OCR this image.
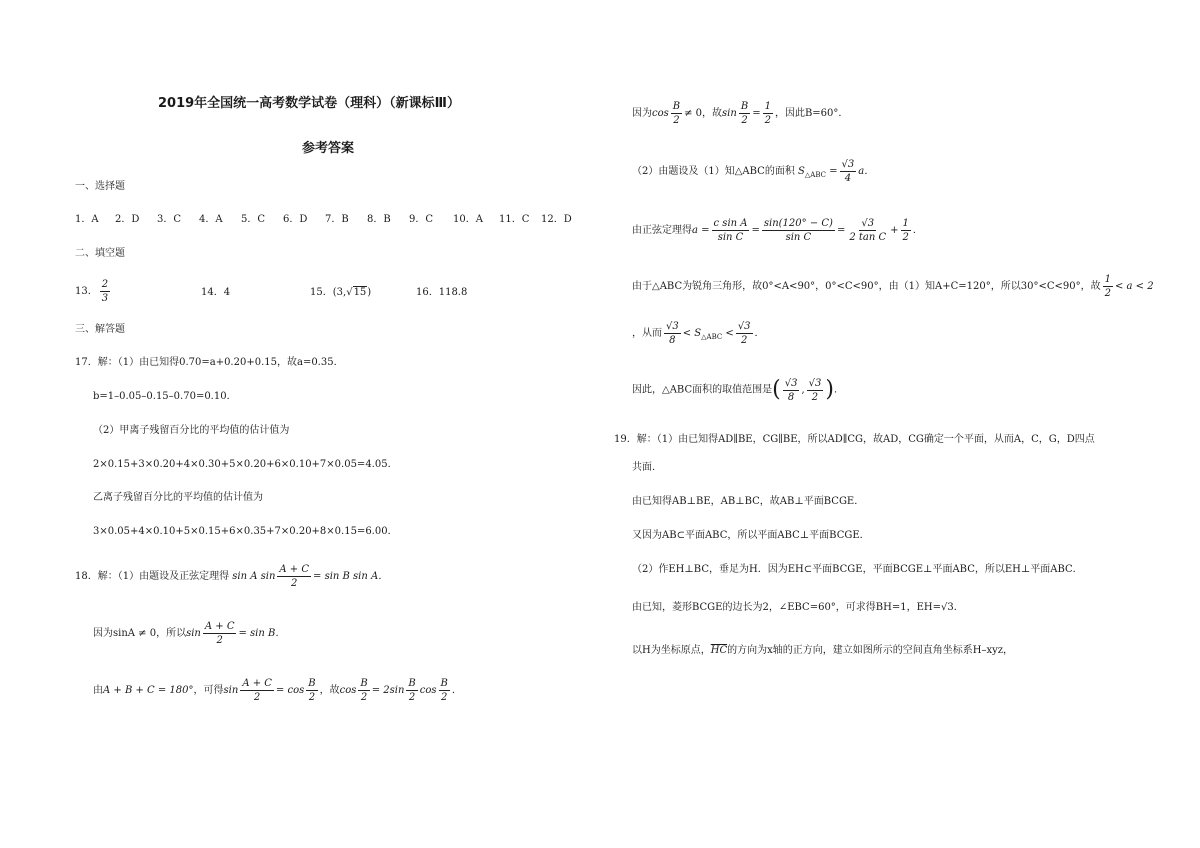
2019年全国统一高考数学试卷（理科）（新课标Ⅲ）
参考答案
一、选择题
1．A 2．D 3．C 4．A 5．C 6．D 7．B 8．B 9．C 10．A 11．C 12．D
二、填空题
13． $\frac{2}{3}$	14．4	15．(3,√15)	16．118.8
三、解答题
17．解：（1）由已知得0.70=a+0.20+0.15，故a=0.35．
b=1–0.05–0.15–0.70=0.10．
（2）甲离子残留百分比的平均值的估计值为
2×0.15+3×0.20+4×0.30+5×0.20+6×0.10+7×0.05=4.05．
乙离子残留百分比的平均值的估计值为
3×0.05+4×0.10+5×0.15+6×0.35+7×0.20+8×0.15=6.00．
18．解：（1）由题设及正弦定理得 sin A $\sin \frac{A + C}{2} = \sin B$ sin A．
因为sinA ≠ 0，所以$\sin \frac{A + C}{2} = \sin B$．
由A + B + C = 180°，可得$\sin \frac{A + C}{2} = \cos \frac{B}{2}$ ，故$\cos \frac{B}{2} = 2\sin \frac{B}{2}$ $\cos \frac{B}{2}$ ．
因为$\cos \frac{B}{2} \ne 0$，故$\sin \frac{B}{2} = \frac{1}{2}$ ，因此B=60°．
（2）由题设及（1）知△ABC的面积 $S_{\triangle ABC} = \frac{√3}{4}$ a．
由正弦定理得$a = \frac{\text{c sin A}}{\text{sin C}} = \frac{\sin(120^\circ - C)}{\text{sin C}} = \frac{√3}{\text{2 tan C}} + \frac{1}{2}$ ．
由于△ABC为锐角三角形，故0°<A<90°，0°<C<90°，由（1）知A+C=120°，所以30°<C<90°，故 $\frac{1}{2} < a < 2$
，从而 $\frac{√3}{8} < S_{\triangle ABC} < \frac{√3}{2}$ ．
因此，△ABC面积的取值范围是( $\frac{√3}{8}$ , $\frac{√3}{2}$ )．
19．解：（1）由已知得AD∥BE，CG∥BE，所以AD∥CG，故AD，CG确定一个平面，从而A，C，G，D四点
共面．
由已知得AB⊥BE，AB⊥BC，故AB⊥平面BCGE．
又因为AB⊂平面ABC，所以平面ABC⊥平面BCGE．
（2）作EH⊥BC，垂足为H．因为EH⊂平面BCGE，平面BCGE⊥平面ABC，所以EH⊥平面ABC．
由已知，菱形BCGE的边长为2，∠EBC=60°，可求得BH=1，EH=√3．
以H为坐标原点，$\overline{HC}$的方向为x轴的正方向，建立如图所示的空间直角坐标系H–xyz，
